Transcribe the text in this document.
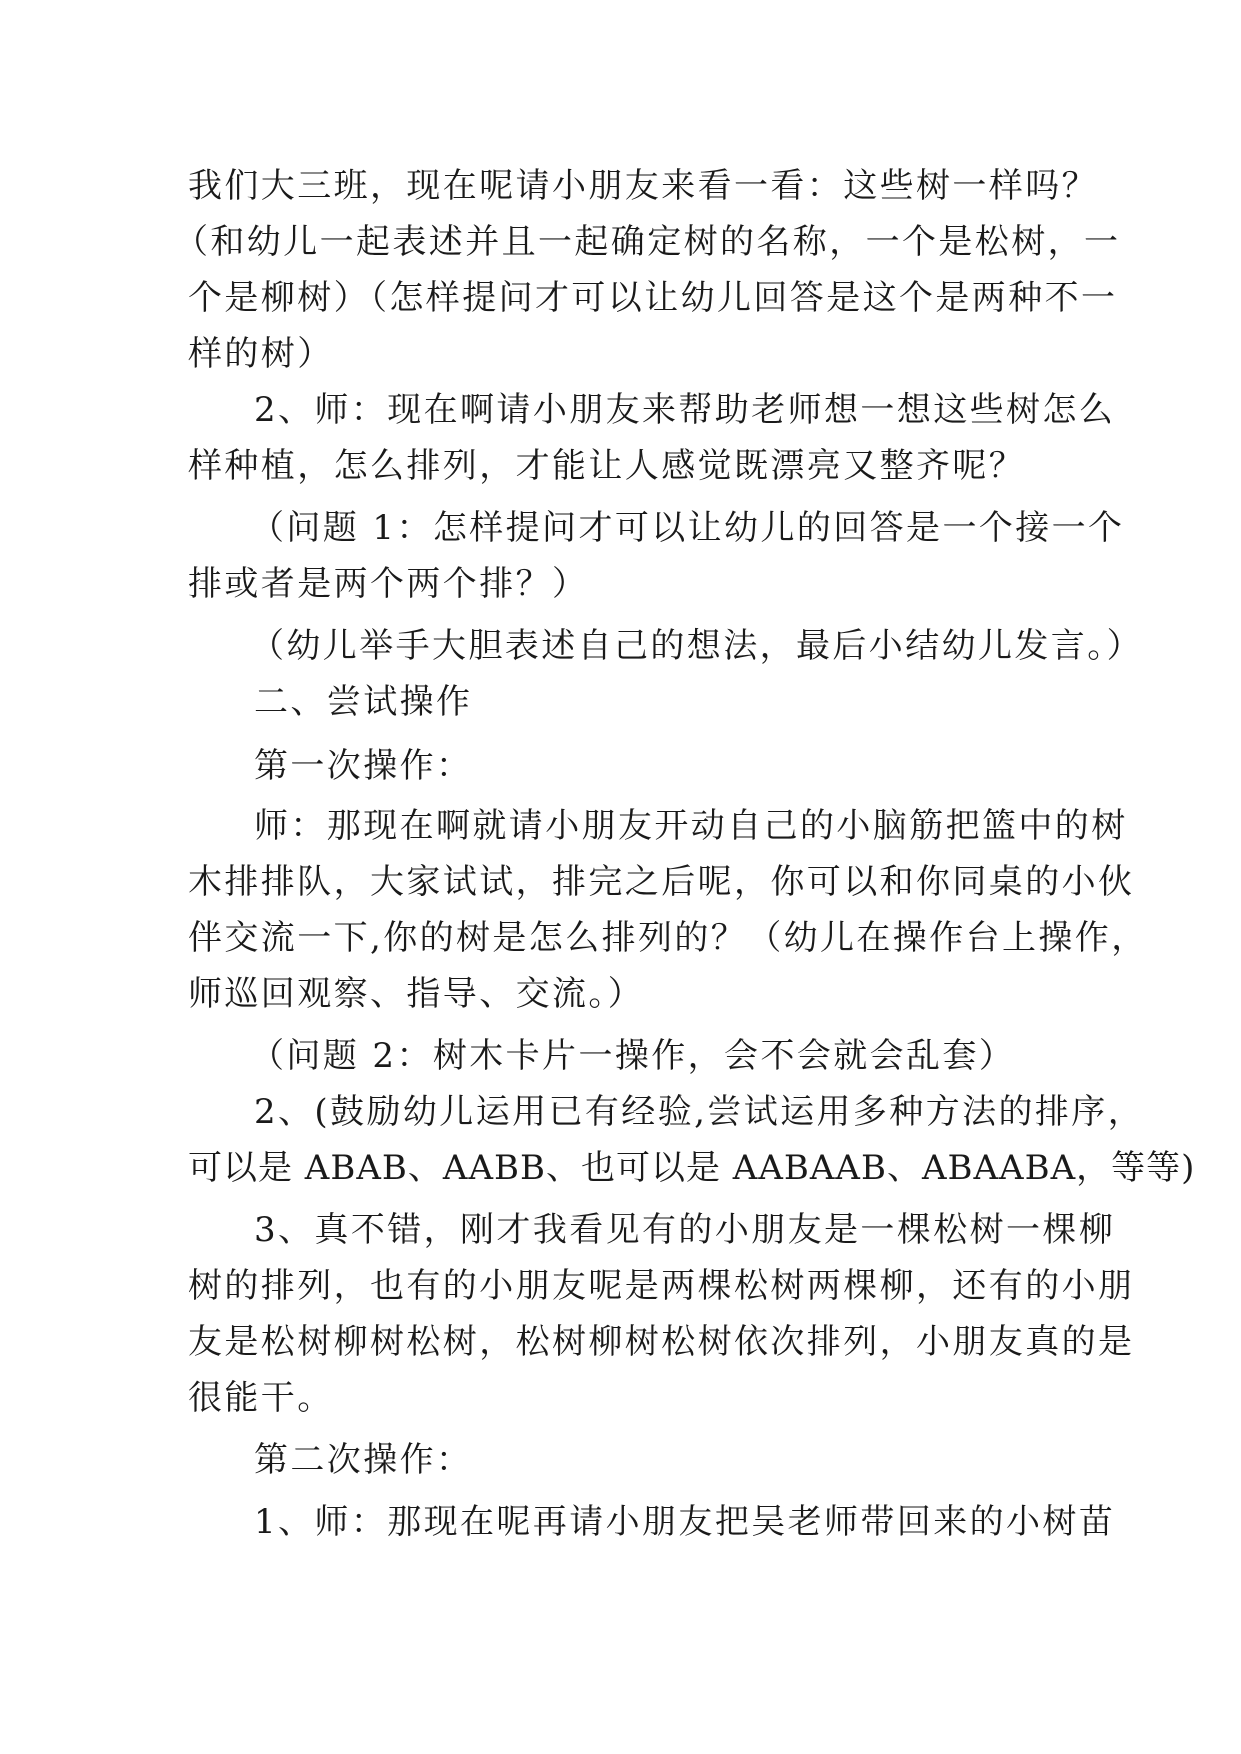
我们大三班，现在呢请小朋友来看一看：这些树一样吗？
（和幼儿一起表述并且一起确定树的名称，一个是松树，一
个是柳树）（怎样提问才可以让幼儿回答是这个是两种不一
样的树）
2、师：现在啊请小朋友来帮助老师想一想这些树怎么
样种植，怎么排列，才能让人感觉既漂亮又整齐呢？
（问题 1：怎样提问才可以让幼儿的回答是一个接一个
排或者是两个两个排？）
（幼儿举手大胆表述自己的想法，最后小结幼儿发言。）
二、尝试操作
第一次操作：
师：那现在啊就请小朋友开动自己的小脑筋把篮中的树
木排排队，大家试试，排完之后呢，你可以和你同桌的小伙
伴交流一下,你的树是怎么排列的？（幼儿在操作台上操作，
师巡回观察、指导、交流。）
（问题 2：树木卡片一操作，会不会就会乱套）
2、(鼓励幼儿运用已有经验,尝试运用多种方法的排序，
可以是 ABAB、AABB、也可以是 AABAAB、ABAABA，等等)
3、真不错，刚才我看见有的小朋友是一棵松树一棵柳
树的排列，也有的小朋友呢是两棵松树两棵柳，还有的小朋
友是松树柳树松树，松树柳树松树依次排列，小朋友真的是
很能干。
第二次操作：
1、师：那现在呢再请小朋友把吴老师带回来的小树苗
